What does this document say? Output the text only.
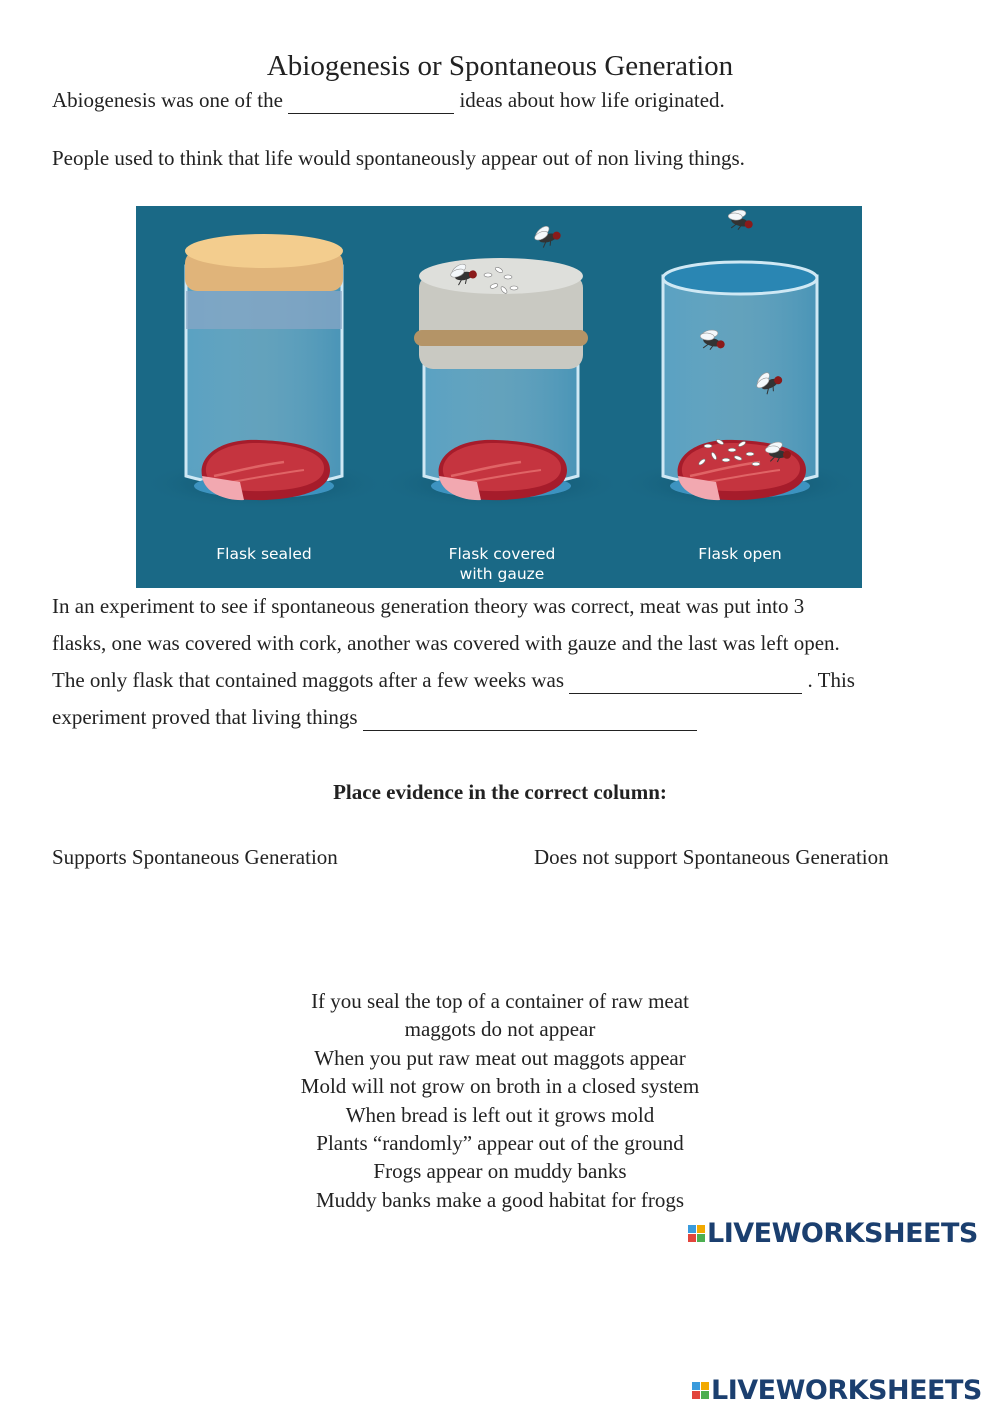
Abiogenesis or Spontaneous Generation
Abiogenesis was one of the	ideas about how life originated.
People used to think that life would spontaneously appear out of non living things.
Flask sealed	Flask covered
with gauze
Flask open
In an experiment to see if spontaneous generation theory was correct, meat was put into 3
flasks, one was covered with cork, another was covered with gauze and the last was left open.
The only flask that contained maggots after a few weeks was	. This
experiment proved that living things
Place evidence in the correct column:
Supports Spontaneous Generation	Does not support Spontaneous Generation
If you seal the top of a container of raw meat
maggots do not appear
When you put raw meat out maggots appear
Mold will not grow on broth in a closed system
When bread is left out it grows mold
Plants “randomly” appear out of the ground
Frogs appear on muddy banks
Muddy banks make a good habitat for frogs
LIVEWORKSHEETS
LIVEWORKSHEETS
